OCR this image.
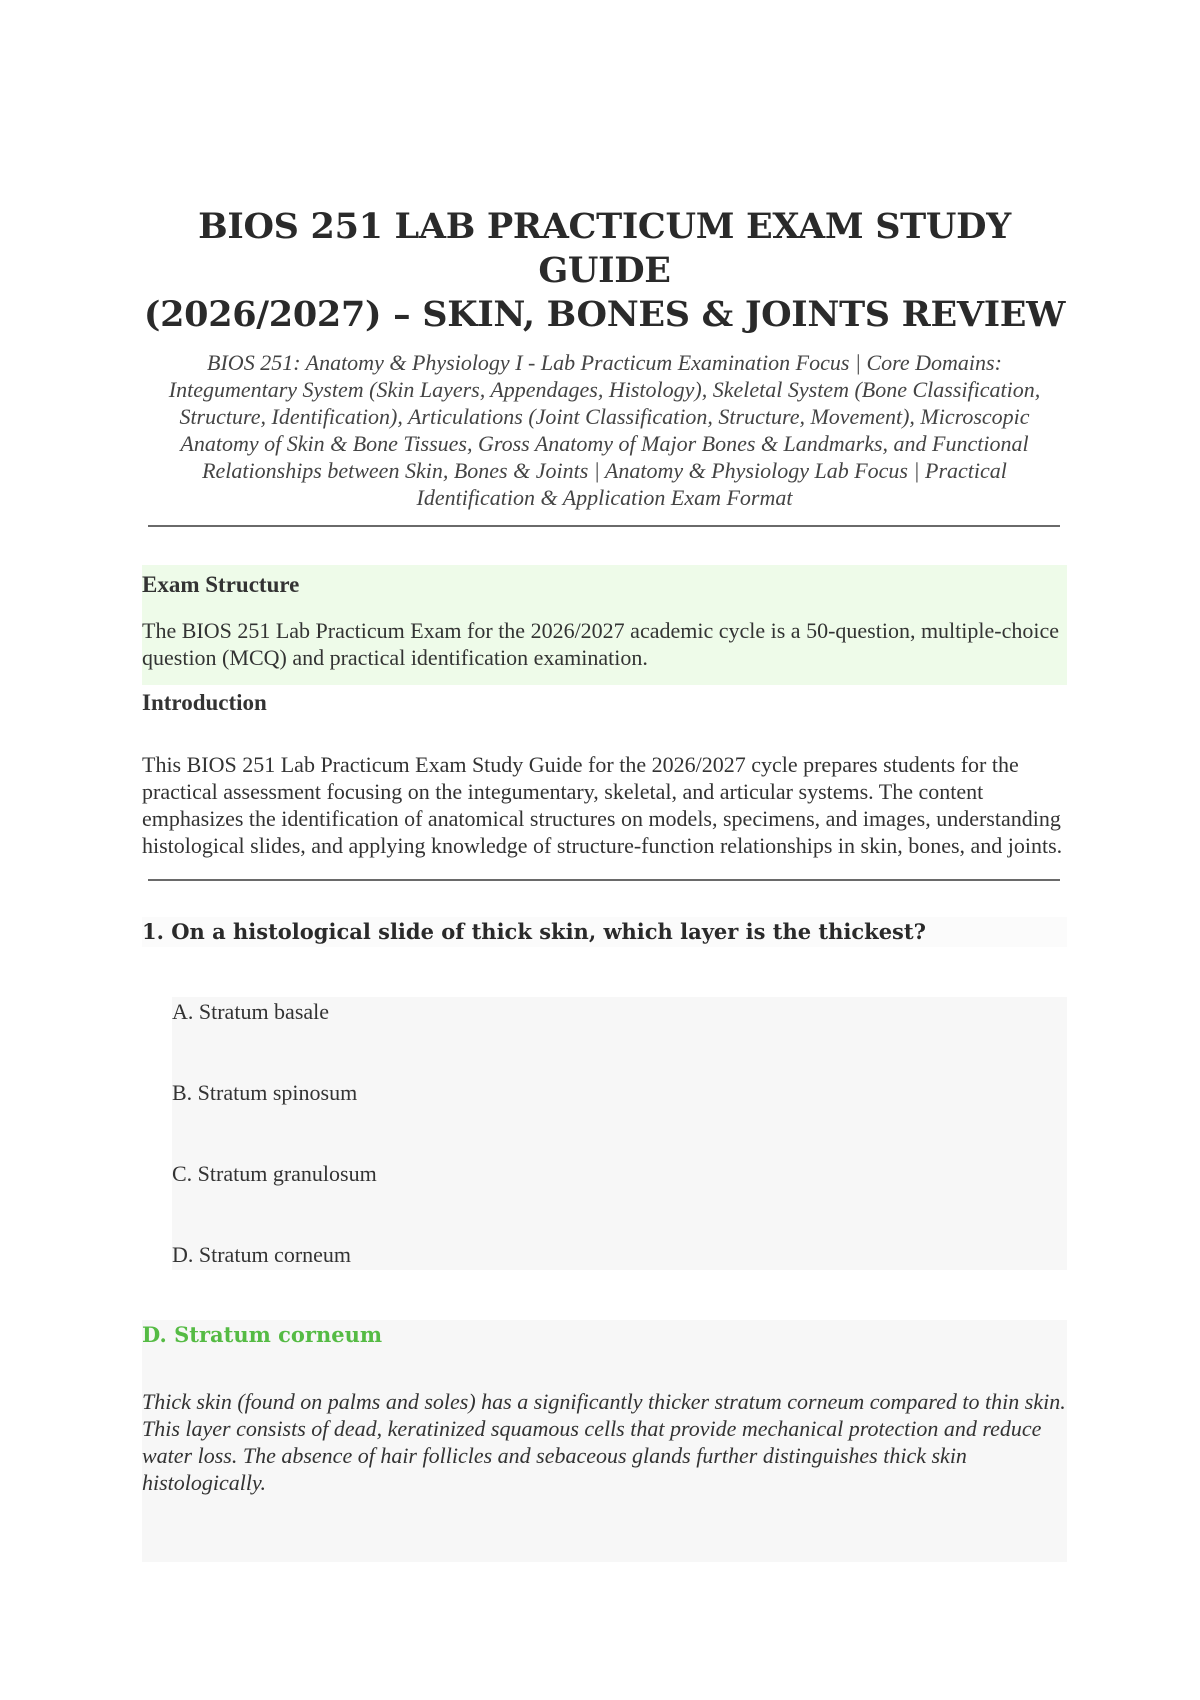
BIOS 251 LAB PRACTICUM EXAM STUDY GUIDE
(2026/2027) – SKIN, BONES & JOINTS REVIEW

BIOS 251: Anatomy & Physiology I - Lab Practicum Examination Focus | Core Domains: Integumentary System (Skin Layers, Appendages, Histology), Skeletal System (Bone Classification, Structure, Identification), Articulations (Joint Classification, Structure, Movement), Microscopic Anatomy of Skin & Bone Tissues, Gross Anatomy of Major Bones & Landmarks, and Functional Relationships between Skin, Bones & Joints | Anatomy & Physiology Lab Focus | Practical Identification & Application Exam Format

Exam Structure

The BIOS 251 Lab Practicum Exam for the 2026/2027 academic cycle is a 50-question, multiple-choice question (MCQ) and practical identification examination.

Introduction

This BIOS 251 Lab Practicum Exam Study Guide for the 2026/2027 cycle prepares students for the practical assessment focusing on the integumentary, skeletal, and articular systems. The content emphasizes the identification of anatomical structures on models, specimens, and images, understanding histological slides, and applying knowledge of structure-function relationships in skin, bones, and joints.

1. On a histological slide of thick skin, which layer is the thickest?
A. Stratum basale
B. Stratum spinosum
C. Stratum granulosum
D. Stratum corneum

D. Stratum corneum

Thick skin (found on palms and soles) has a significantly thicker stratum corneum compared to thin skin. This layer consists of dead, keratinized squamous cells that provide mechanical protection and reduce water loss. The absence of hair follicles and sebaceous glands further distinguishes thick skin histologically.
